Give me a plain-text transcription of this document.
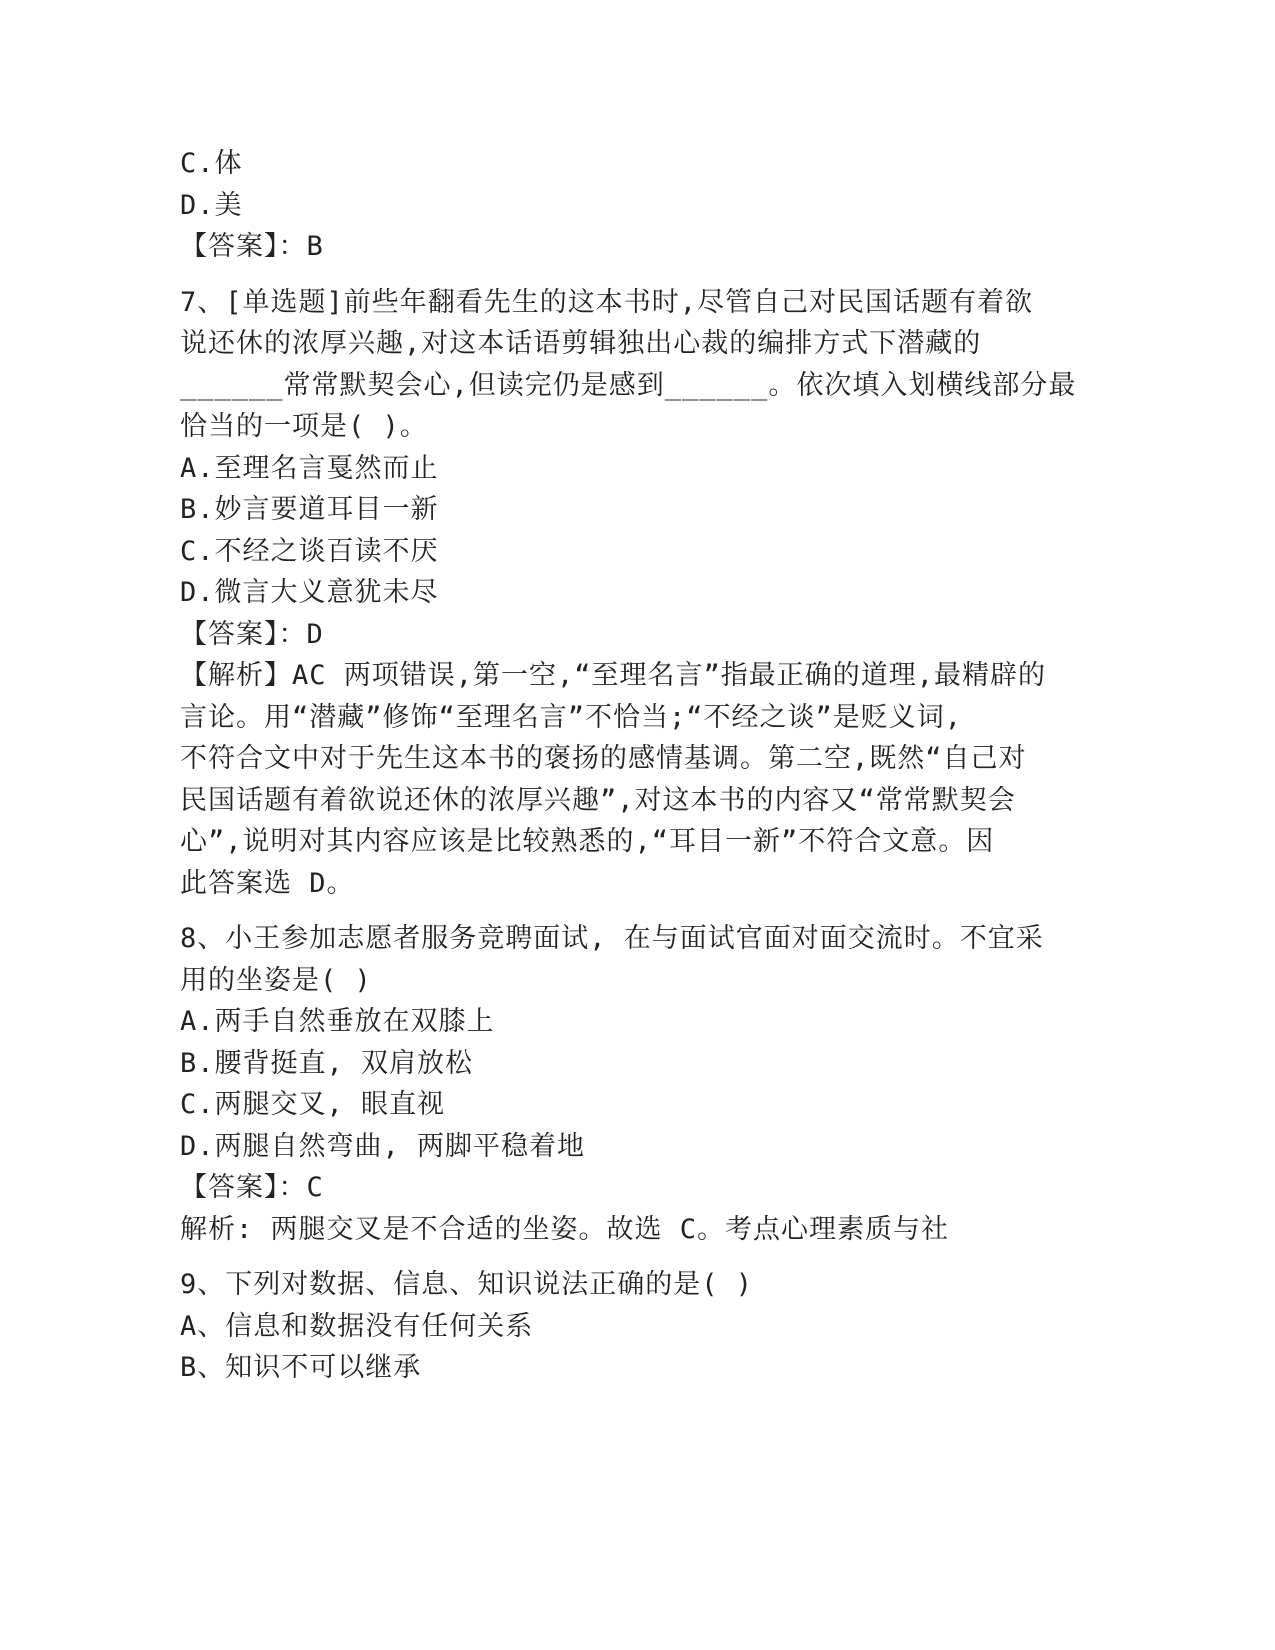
C.体
D.美
【答案】：B
7、[单选题]前些年翻看先生的这本书时,尽管自己对民国话题有着欲
说还休的浓厚兴趣,对这本话语剪辑独出心裁的编排方式下潜藏的
______常常默契会心,但读完仍是感到______。依次填入划横线部分最
恰当的一项是( )。
A.至理名言戛然而止
B.妙言要道耳目一新
C.不经之谈百读不厌
D.微言大义意犹未尽
【答案】：D
【解析】AC 两项错误,第一空,“至理名言”指最正确的道理,最精辟的
言论。用“潜藏”修饰“至理名言”不恰当;“不经之谈”是贬义词,
不符合文中对于先生这本书的褒扬的感情基调。第二空,既然“自己对
民国话题有着欲说还休的浓厚兴趣”,对这本书的内容又“常常默契会
心”,说明对其内容应该是比较熟悉的,“耳目一新”不符合文意。因
此答案选 D。
8、小王参加志愿者服务竞聘面试, 在与面试官面对面交流时。不宜采
用的坐姿是( )
A.两手自然垂放在双膝上
B.腰背挺直, 双肩放松
C.两腿交叉, 眼直视
D.两腿自然弯曲, 两脚平稳着地
【答案】：C
解析: 两腿交叉是不合适的坐姿。故选 C。考点心理素质与社
9、下列对数据、信息、知识说法正确的是( )
A、信息和数据没有任何关系
B、知识不可以继承
